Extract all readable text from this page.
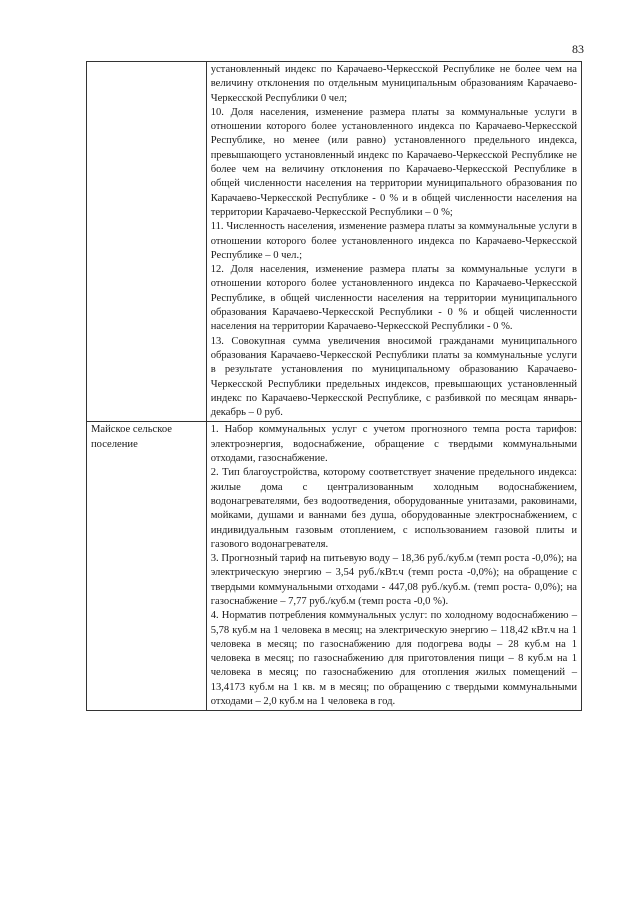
83

	установленный индекс по Карачаево-Черкесской Республике не более чем на величину отклонения по отдельным муниципальным образованиям Карачаево-Черкесской Республики 0 чел;

10. Доля населения, изменение размера платы за коммунальные услуги в отношении которого более установленного индекса по Карачаево-Черкесской Республике, но менее (или равно) установленного предельного индекса, превышающего установленный индекс по Карачаево-Черкесской Республике не более чем на величину отклонения по Карачаево-Черкесской Республике в общей численности населения на территории муниципального образования по Карачаево-Черкесской Республике - 0 % и в общей численности населения на территории Карачаево-Черкесской Республики – 0 %;

11. Численность населения, изменение размера платы за коммунальные услуги в отношении которого более установленного индекса по Карачаево-Черкесской Республике – 0 чел.;

12. Доля населения, изменение размера платы за коммунальные услуги в отношении которого более установленного индекса по Карачаево-Черкесской Республике, в общей численности населения на территории муниципального образования Карачаево-Черкесской Республики - 0 % и общей численности населения на территории Карачаево-Черкесской Республики - 0 %.

13. Совокупная сумма увеличения вносимой гражданами муниципального образования Карачаево-Черкесской Республики платы за коммунальные услуги в результате установления по муниципальному образованию Карачаево-Черкесской Республики предельных индексов, превышающих установленный индекс по Карачаево-Черкесской Республике, с разбивкой по месяцам январь-декабрь – 0 руб.

Майское сельское поселение	1. Набор коммунальных услуг с учетом прогнозного темпа роста тарифов: электроэнергия, водоснабжение, обращение с твердыми коммунальными отходами, газоснабжение.

2. Тип благоустройства, которому соответствует значение предельного индекса: жилые дома с централизованным холодным водоснабжением, водонагревателями, без водоотведения, оборудованные унитазами, раковинами, мойками, душами и ваннами без душа, оборудованные электроснабжением, с индивидуальным газовым отоплением, с использованием газовой плиты и газового водонагревателя.

3. Прогнозный тариф на питьевую воду – 18,36 руб./куб.м (темп роста -0,0%); на электрическую энергию – 3,54 руб./кВт.ч (темп роста -0,0%); на обращение с твердыми коммунальными отходами - 447,08 руб./куб.м. (темп роста- 0,0%); на газоснабжение – 7,77 руб./куб.м (темп роста -0,0 %).

4. Норматив потребления коммунальных услуг: по холодному водоснабжению – 5,78 куб.м на 1 человека в месяц; на электрическую энергию – 118,42 кВт.ч на 1 человека в месяц; по газоснабжению для подогрева воды – 28 куб.м на 1 человека в месяц; по газоснабжению для приготовления пищи – 8 куб.м на 1 человека в месяц; по газоснабжению для отопления жилых помещений – 13,4173 куб.м на 1 кв. м в месяц; по обращению с твердыми коммунальными отходами – 2,0 куб.м на 1 человека в год.
